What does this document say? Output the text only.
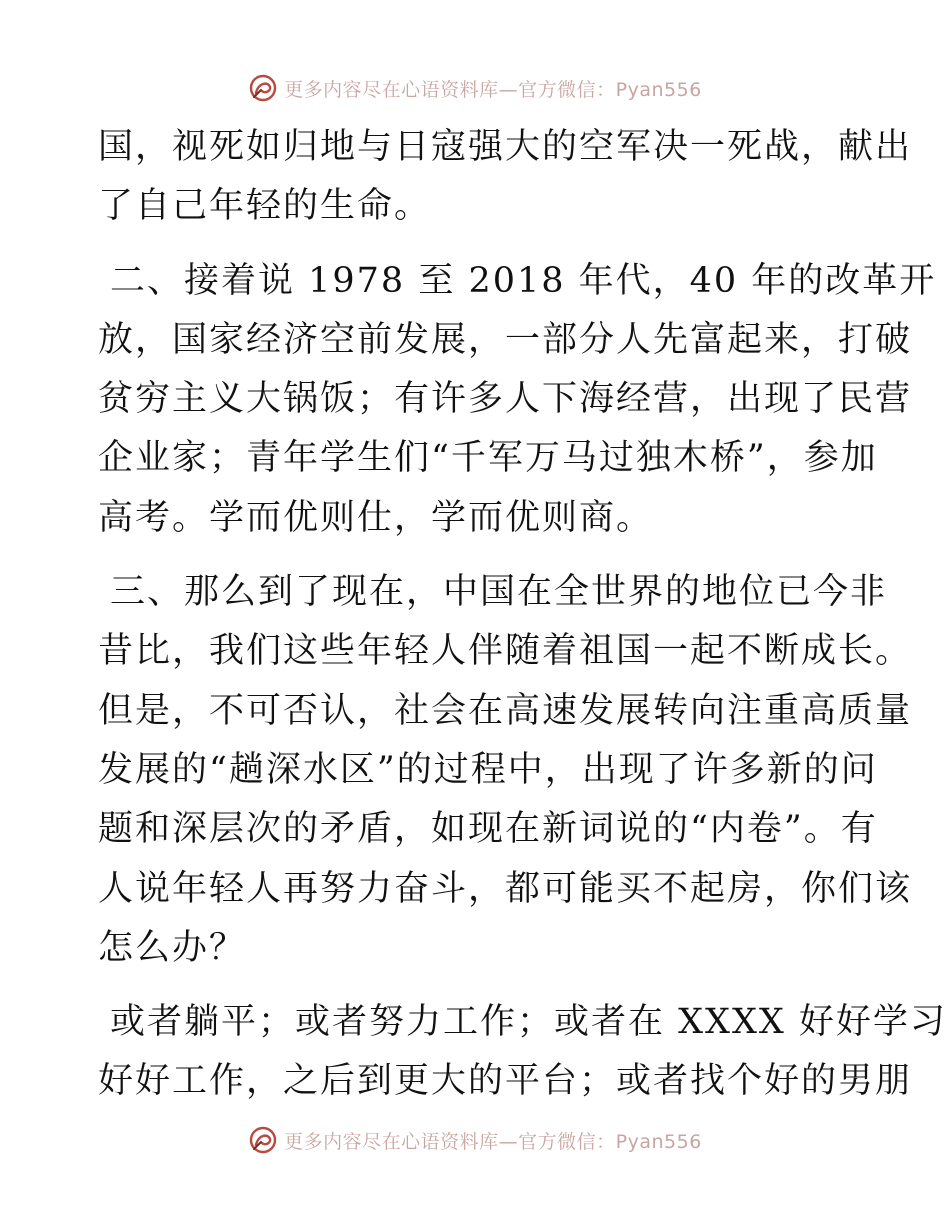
更多内容尽在心语资料库—官方微信：Pyan556
国，视死如归地与日寇强大的空军决一死战，献出
了自己年轻的生命。
二、接着说 1978 至 2018 年代，40 年的改革开
放，国家经济空前发展，一部分人先富起来，打破
贫穷主义大锅饭；有许多人下海经营，出现了民营
企业家；青年学生们“千军万马过独木桥”，参加
高考。学而优则仕，学而优则商。
三、那么到了现在，中国在全世界的地位已今非
昔比，我们这些年轻人伴随着祖国一起不断成长。
但是，不可否认，社会在高速发展转向注重高质量
发展的“趟深水区”的过程中，出现了许多新的问
题和深层次的矛盾，如现在新词说的“内卷”。有
人说年轻人再努力奋斗，都可能买不起房，你们该
怎么办？
或者躺平；或者努力工作；或者在 XXXX 好好学习
好好工作，之后到更大的平台；或者找个好的男朋
更多内容尽在心语资料库—官方微信：Pyan556
